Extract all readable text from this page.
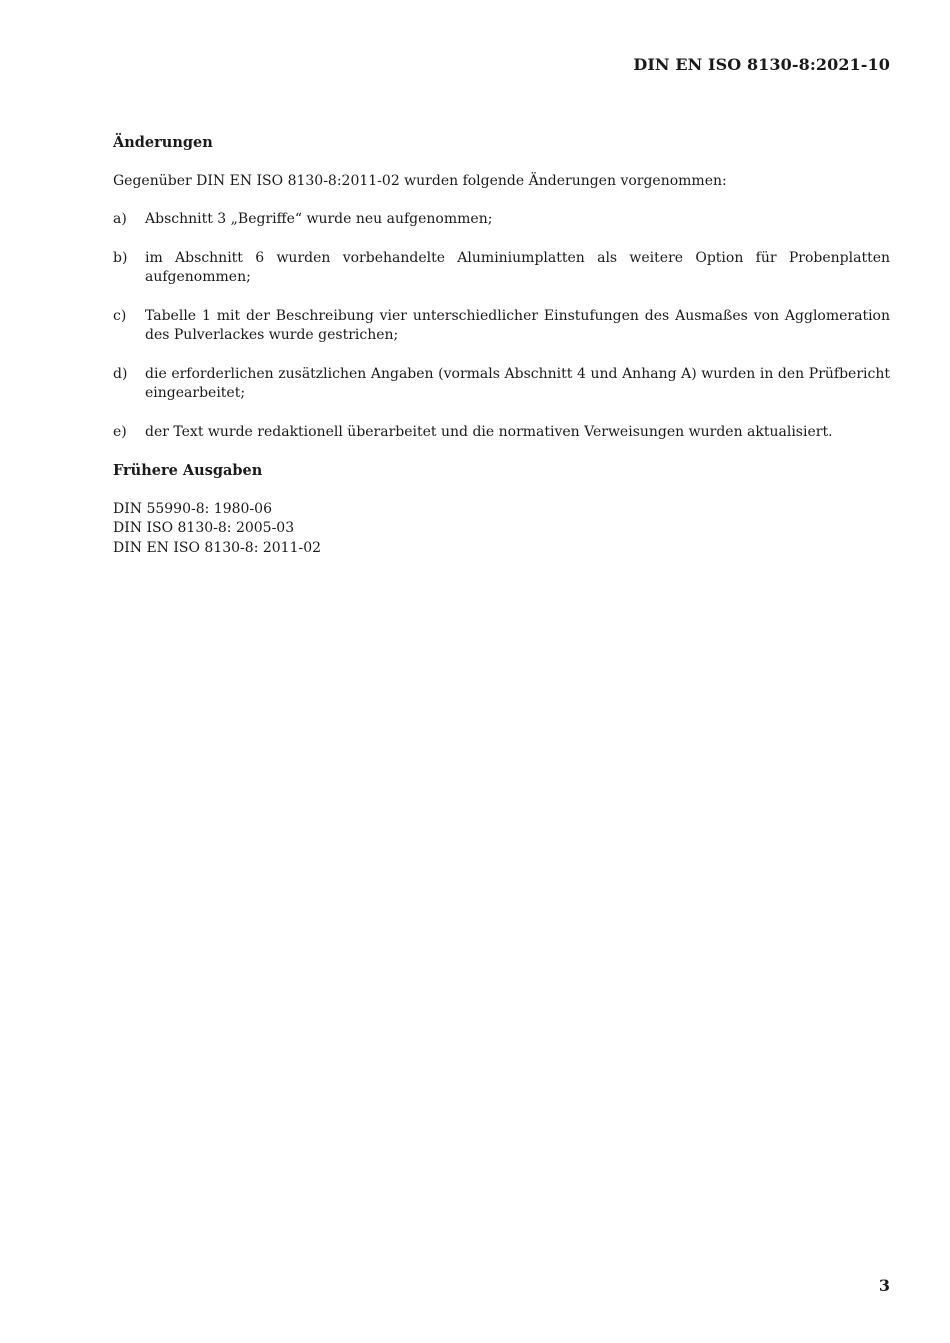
DIN EN ISO 8130-8:2021-10

Änderungen

Gegenüber DIN EN ISO 8130-8:2011-02 wurden folgende Änderungen vorgenommen:

a) Abschnitt 3 „Begriffe“ wurde neu aufgenommen;
b) im Abschnitt 6 wurden vorbehandelte Aluminiumplatten als weitere Option für Probenplatten aufgenommen;
c) Tabelle 1 mit der Beschreibung vier unterschiedlicher Einstufungen des Ausmaßes von Agglomeration des Pulverlackes wurde gestrichen;
d) die erforderlichen zusätzlichen Angaben (vormals Abschnitt 4 und Anhang A) wurden in den Prüfbericht eingearbeitet;
e) der Text wurde redaktionell überarbeitet und die normativen Verweisungen wurden aktualisiert.

Frühere Ausgaben

DIN 55990-8: 1980-06
DIN ISO 8130-8: 2005-03
DIN EN ISO 8130-8: 2011-02
3
